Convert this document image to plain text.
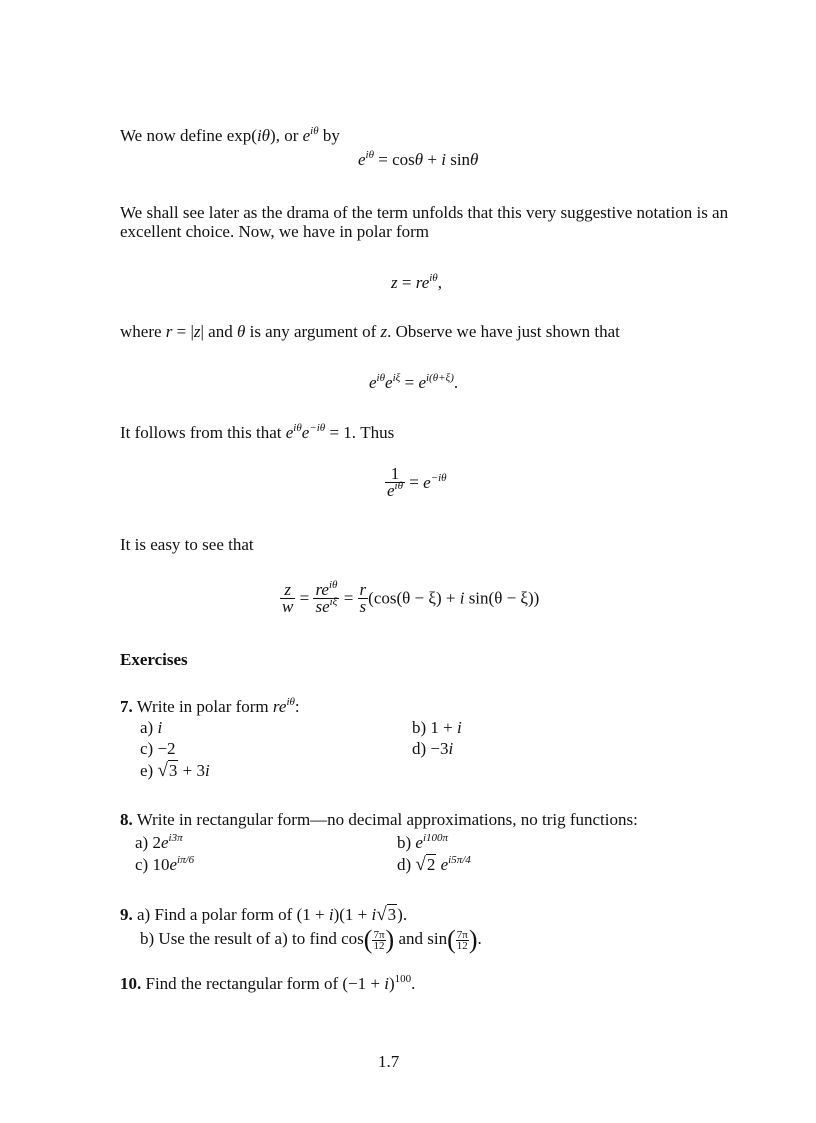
We now define exp(iθ), or $e^{i\theta}$ by
$e^{i\theta} = \cos\theta + i$ sinθ
We shall see later as the drama of the term unfolds that this very suggestive notation is an
excellent choice. Now, we have in polar form
$z = re^{i\theta}$,
where r = |z| and θ is any argument of z. Observe we have just shown that
$e^{i\theta}e^{i\xi} = e^{i(\theta+\xi)}$.
It follows from this that $e^{i\theta}e^{-i\theta} = 1$. Thus
$\frac{1}{e^{i\theta}} = e^{-i\theta}$
It is easy to see that
$\frac{z}{w} = \frac{re^{i\theta}}{se^{i\xi}} = \frac{r}{s} (\cos(\theta - \xi) + i$ sin(θ − ξ))
Exercises
7. Write in polar form $re^{i\theta}$:
a) i	b) 1 + i
c) −2	d) −3i
e) √3 + 3i
8. Write in rectangular form—no decimal approximations, no trig functions:
a) $2e^{i3\pi}$	b) $e^{i100\pi}$
c) $10e^{i\pi/6}$	d) √2 $e^{i5\pi/4}$
9. a) Find a polar form of (1 + i)(1 + i√3).
b) Use the result of a) to find $\cos( \frac{7\pi}{12}$ ) and $\sin( \frac{7\pi}{12}$ ).
10. Find the rectangular form of $(-1 + i)^{100}$.
1.7
